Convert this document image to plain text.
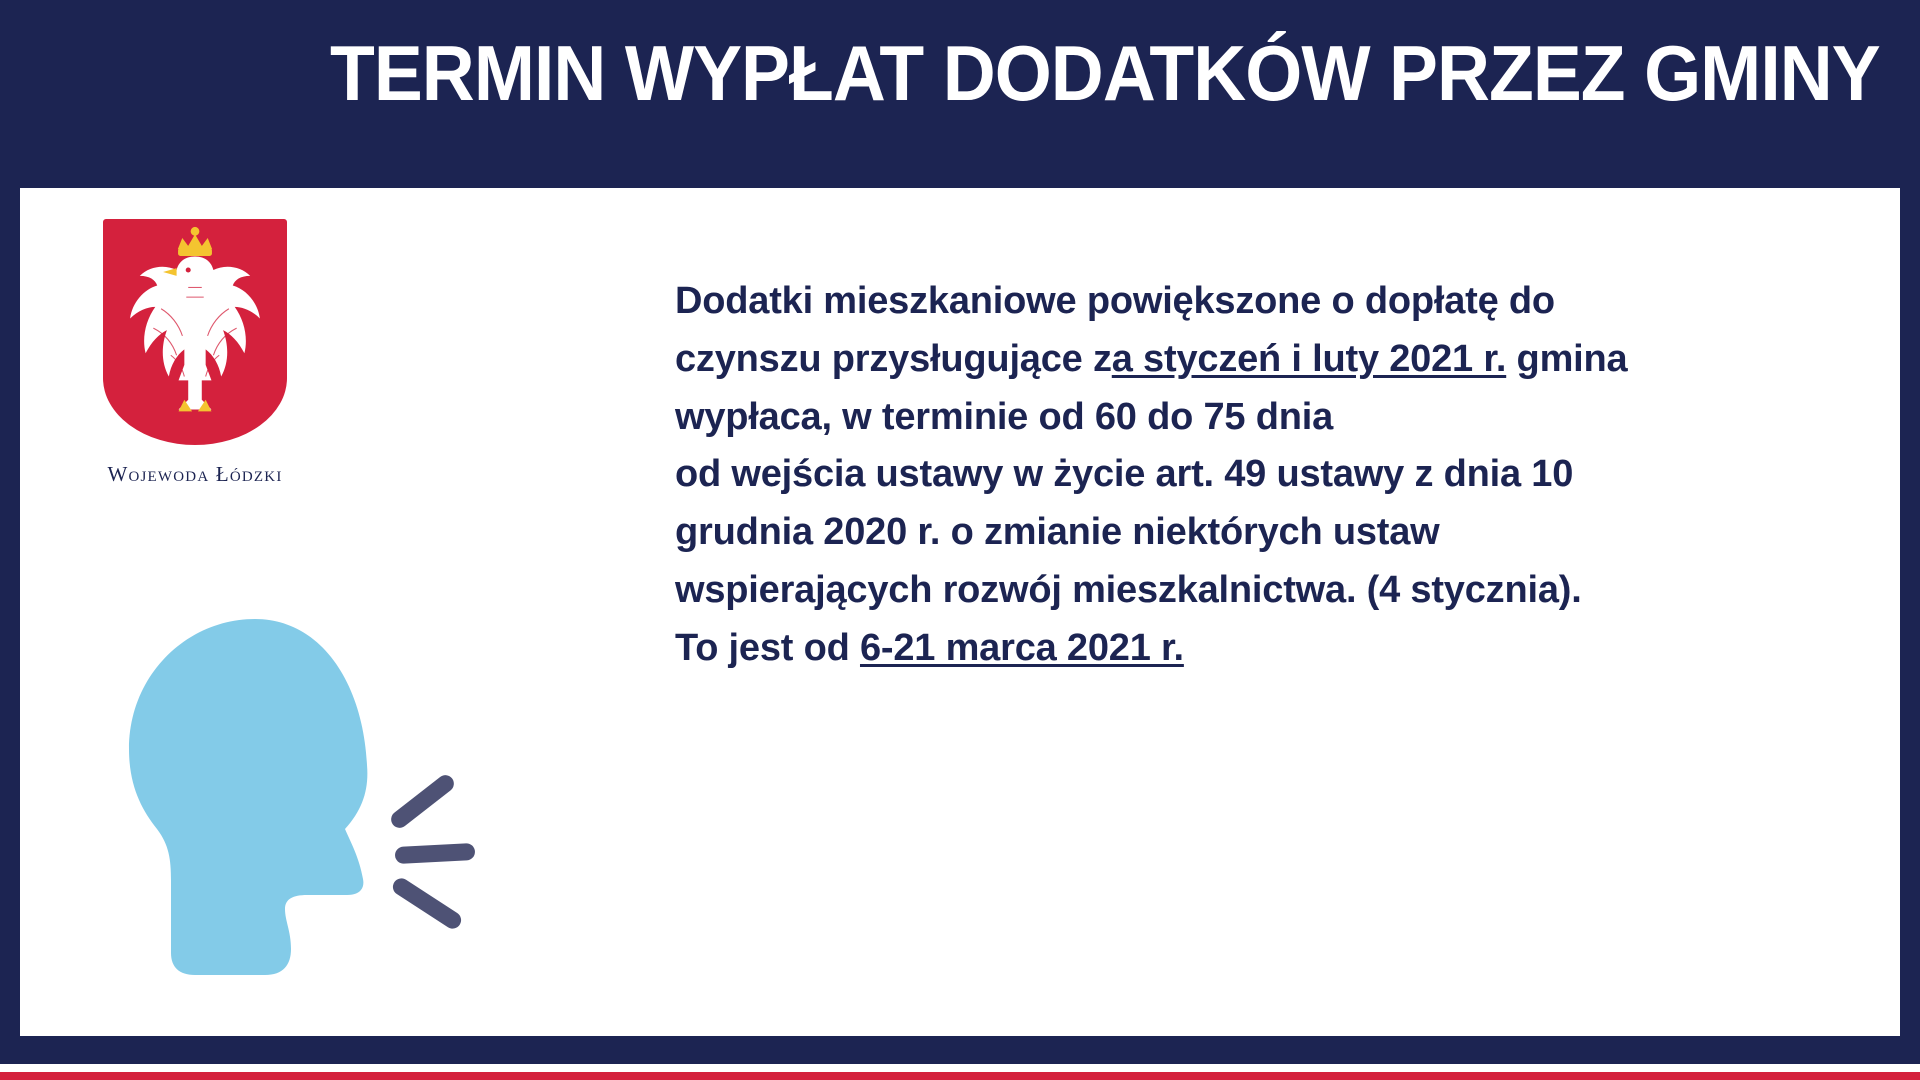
TERMIN WYPŁAT DODATKÓW PRZEZ GMINY
Wojewoda Łódzki
Dodatki mieszkaniowe powiększone o dopłatę do
czynszu przysługujące za styczeń i luty 2021 r. gmina
wypłaca, w terminie od 60 do 75 dnia
od wejścia ustawy w życie art. 49 ustawy z dnia 10
grudnia 2020 r. o zmianie niektórych ustaw
wspierających rozwój mieszkalnictwa. (4 stycznia).
To jest od 6-21 marca 2021 r.
